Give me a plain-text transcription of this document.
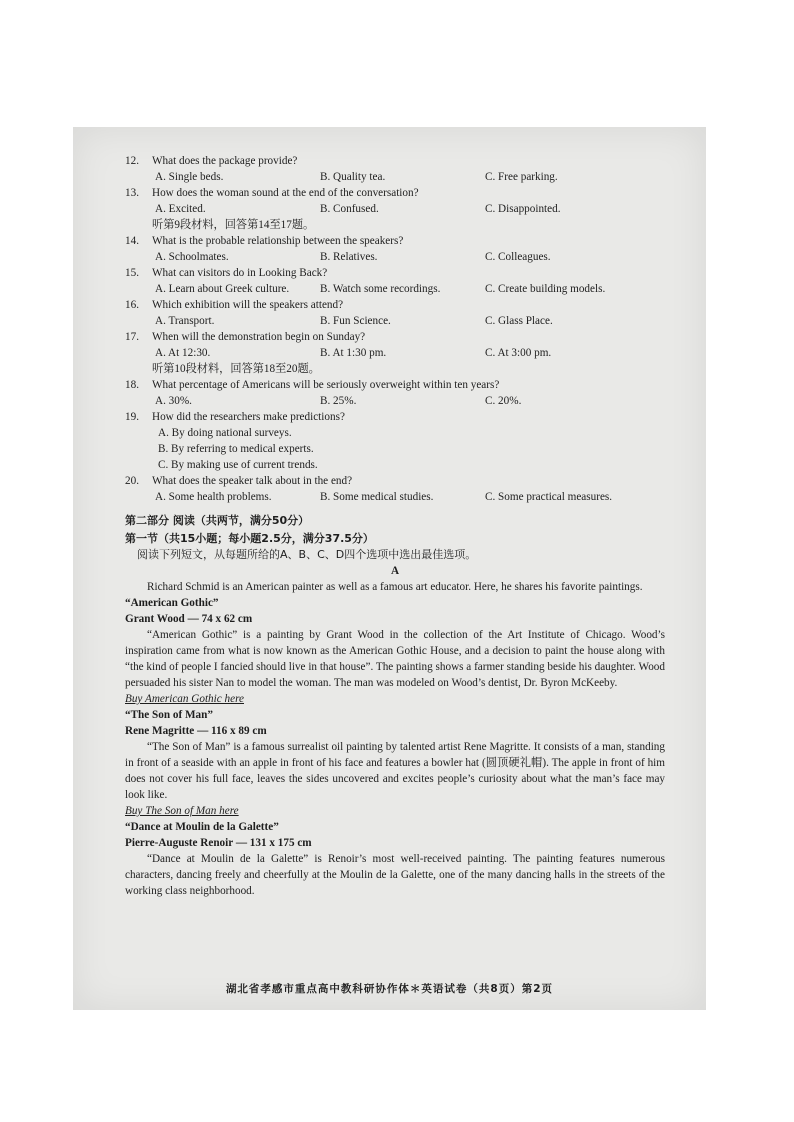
12.	What does the package provide?
A. Single beds.	B. Quality tea.	C. Free parking.
13.	How does the woman sound at the end of the conversation?
A. Excited.	B. Confused.	C. Disappointed.
听第9段材料，回答第14至17题。
14.	What is the probable relationship between the speakers?
A. Schoolmates.	B. Relatives.	C. Colleagues.
15.	What can visitors do in Looking Back?
A. Learn about Greek culture.	B. Watch some recordings.	C. Create building models.
16.	Which exhibition will the speakers attend?
A. Transport.	B. Fun Science.	C. Glass Place.
17.	When will the demonstration begin on Sunday?
A. At 12:30.	B. At 1:30 pm.	C. At 3:00 pm.
听第10段材料，回答第18至20题。
18.	What percentage of Americans will be seriously overweight within ten years?
A. 30%.	B. 25%.	C. 20%.
19.	How did the researchers make predictions?
A. By doing national surveys.
B. By referring to medical experts.
C. By making use of current trends.
20.	What does the speaker talk about in the end?
A. Some health problems.	B. Some medical studies.	C. Some practical measures.
第二部分 阅读（共两节，满分50分）
第一节（共15小题；每小题2.5分，满分37.5分）
阅读下列短文，从每题所给的A、B、C、D四个选项中选出最佳选项。
A
Richard Schmid is an American painter as well as a famous art educator. Here, he shares his favorite paintings.
“American Gothic”
Grant Wood — 74 x 62 cm
“American Gothic” is a painting by Grant Wood in the collection of the Art Institute of Chicago. Wood’s inspiration came from what is now known as the American Gothic House, and a decision to paint the house along with “the kind of people I fancied should live in that house”. The painting shows a farmer standing beside his daughter. Wood persuaded his sister Nan to model the woman. The man was modeled on Wood’s dentist, Dr. Byron McKeeby.
Buy American Gothic here
“The Son of Man”
Rene Magritte — 116 x 89 cm
“The Son of Man” is a famous surrealist oil painting by talented artist Rene Magritte. It consists of a man, standing in front of a seaside with an apple in front of his face and features a bowler hat (圆顶硬礼帽). The apple in front of him does not cover his full face, leaves the sides uncovered and excites people’s curiosity about what the man’s face may look like.
Buy The Son of Man here
“Dance at Moulin de la Galette”
Pierre-Auguste Renoir — 131 x 175 cm
“Dance at Moulin de la Galette” is Renoir’s most well-received painting. The painting features numerous characters, dancing freely and cheerfully at the Moulin de la Galette, one of the many dancing halls in the streets of the working class neighborhood.
湖北省孝感市重点高中教科研协作体＊英语试卷（共8页）第2页
